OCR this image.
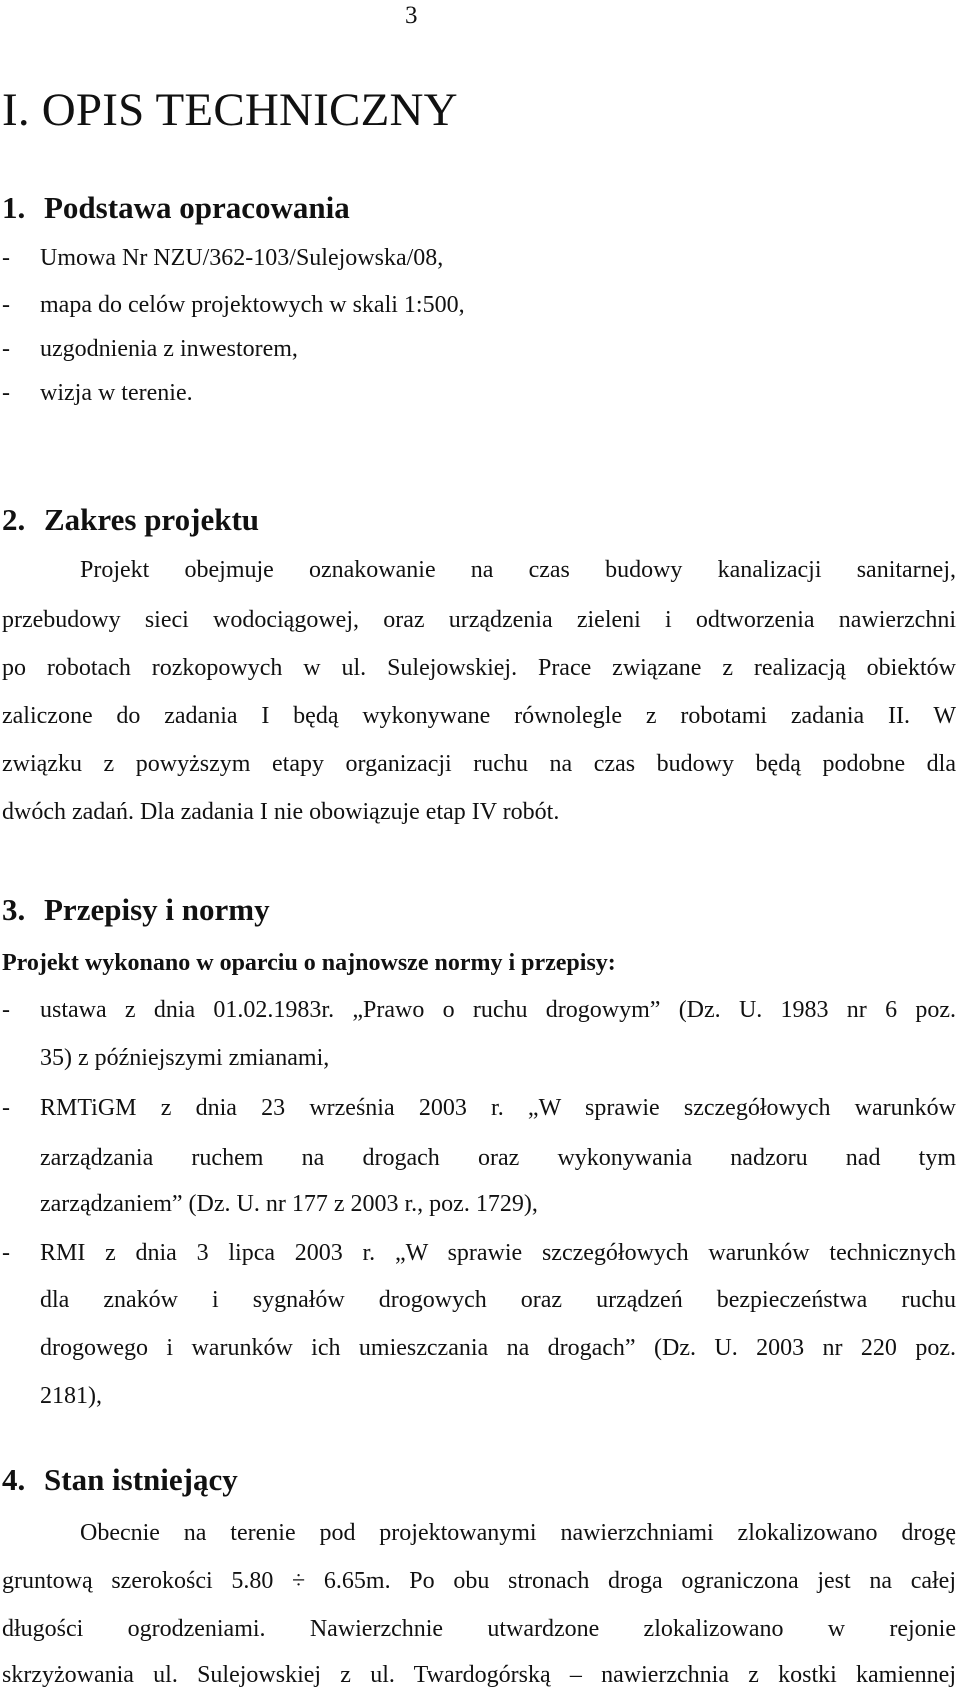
3
I. OPIS TECHNICZNY
1. Podstawa opracowania
- Umowa Nr NZU/362-103/Sulejowska/08,
- mapa do celów projektowych w skali 1:500,
- uzgodnienia z inwestorem,
- wizja w terenie.
2. Zakres projektu
Projekt obejmuje oznakowanie na czas budowy kanalizacji sanitarnej,
przebudowy sieci wodociągowej, oraz urządzenia zieleni i odtworzenia nawierzchni
po robotach rozkopowych w ul. Sulejowskiej. Prace związane z realizacją obiektów
zaliczone do zadania I będą wykonywane równolegle z robotami zadania II. W
związku z powyższym etapy organizacji ruchu na czas budowy będą podobne dla
dwóch zadań. Dla zadania I nie obowiązuje etap IV robót.
3. Przepisy i normy
Projekt wykonano w oparciu o najnowsze normy i przepisy:
- ustawa z dnia 01.02.1983r. „Prawo o ruchu drogowym” (Dz. U. 1983 nr 6 poz.
35) z późniejszymi zmianami,
- RMTiGM z dnia 23 września 2003 r. „W sprawie szczegółowych warunków
zarządzania ruchem na drogach oraz wykonywania nadzoru nad tym
zarządzaniem” (Dz. U. nr 177 z 2003 r., poz. 1729),
- RMI z dnia 3 lipca 2003 r. „W sprawie szczegółowych warunków technicznych
dla znaków i sygnałów drogowych oraz urządzeń bezpieczeństwa ruchu
drogowego i warunków ich umieszczania na drogach” (Dz. U. 2003 nr 220 poz.
2181),
4. Stan istniejący
Obecnie na terenie pod projektowanymi nawierzchniami zlokalizowano drogę
gruntową szerokości 5.80 ÷ 6.65m. Po obu stronach droga ograniczona jest na całej
długości ogrodzeniami. Nawierzchnie utwardzone zlokalizowano w rejonie
skrzyżowania ul. Sulejowskiej z ul. Twardogórską – nawierzchnia z kostki kamiennej
